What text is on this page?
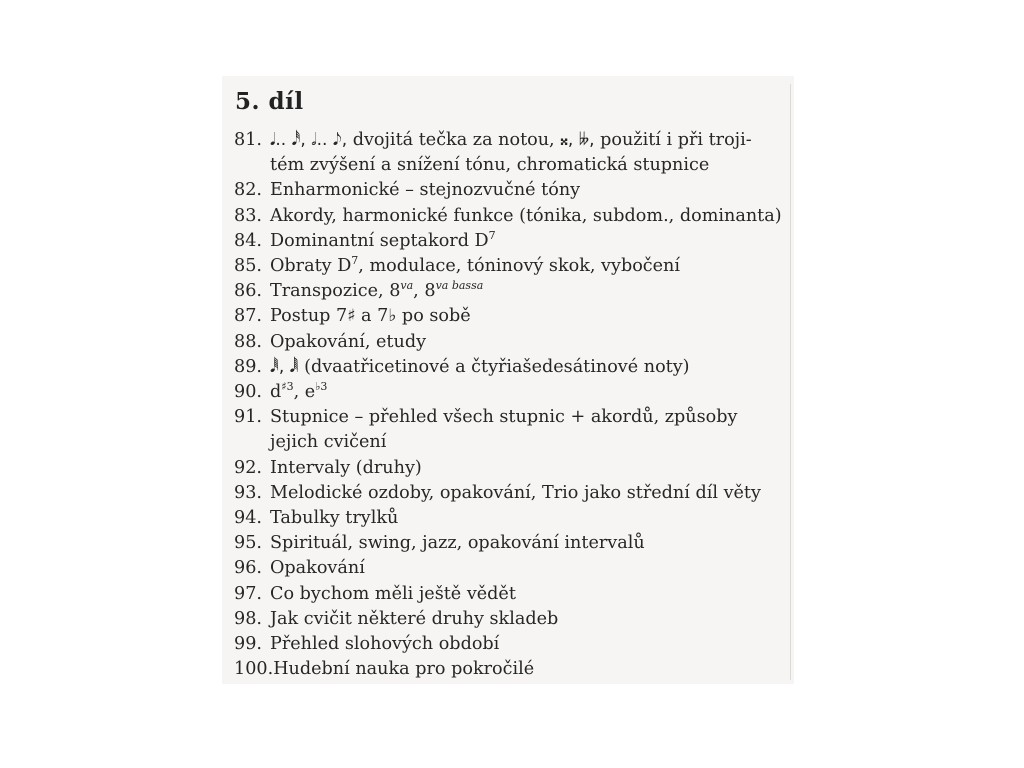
5. díl
81. 𝅘𝅥.. 𝅘𝅥𝅰, 𝅗𝅥.. 𝅘𝅥𝅮, dvojitá tečka za notou, 𝄪, 𝄫, použití i při troji-
tém zvýšení a snížení tónu, chromatická stupnice
82. Enharmonické – stejnozvučné tóny
83. Akordy, harmonické funkce (tónika, subdom., dominanta)
84. Dominantní septakord $D^7$
85. Obraty $D^7$, modulace, tóninový skok, vybočení
86. Transpozice, $8^{va}$, $8^{va bassa}$
87. Postup 7♯ a 7♭ po sobě
88. Opakování, etudy
89. 𝅘𝅥𝅱, 𝅘𝅥𝅲 (dvaatřicetinové a čtyřiašedesátinové noty)
90. $d^{♯3}$, $e^{♭3}$
91. Stupnice – přehled všech stupnic + akordů, způsoby
jejich cvičení
92. Intervaly (druhy)
93. Melodické ozdoby, opakování, Trio jako střední díl věty
94. Tabulky trylků
95. Spirituál, swing, jazz, opakování intervalů
96. Opakování
97. Co bychom měli ještě vědět
98. Jak cvičit některé druhy skladeb
99. Přehled slohových období
100. Hudební nauka pro pokročilé
